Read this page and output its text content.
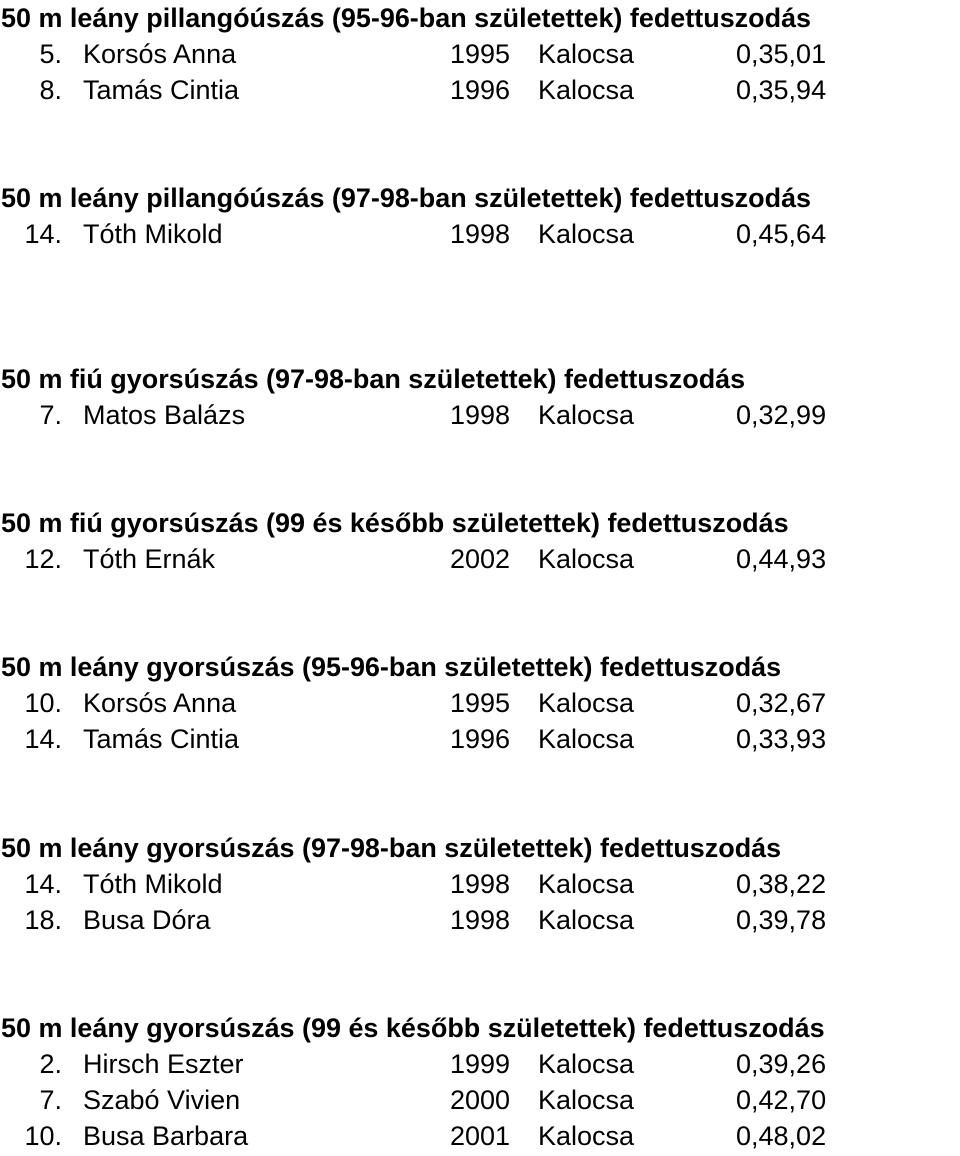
50 m leány pillangóúszás (95-96-ban születettek) fedettuszodás
5. Korsós Anna	1995 Kalocsa	0,35,01
8. Tamás Cintia	1996 Kalocsa	0,35,94
50 m leány pillangóúszás (97-98-ban születettek) fedettuszodás
14. Tóth Mikold	1998 Kalocsa	0,45,64
50 m fiú gyorsúszás (97-98-ban születettek) fedettuszodás
7. Matos Balázs	1998 Kalocsa	0,32,99
50 m fiú gyorsúszás (99 és később születettek) fedettuszodás
12. Tóth Ernák	2002 Kalocsa	0,44,93
50 m leány gyorsúszás (95-96-ban születettek) fedettuszodás
10. Korsós Anna	1995 Kalocsa	0,32,67
14. Tamás Cintia	1996 Kalocsa	0,33,93
50 m leány gyorsúszás (97-98-ban születettek) fedettuszodás
14. Tóth Mikold	1998 Kalocsa	0,38,22
18. Busa Dóra	1998 Kalocsa	0,39,78
50 m leány gyorsúszás (99 és később születettek) fedettuszodás
2. Hirsch Eszter	1999 Kalocsa	0,39,26
7. Szabó Vivien	2000 Kalocsa	0,42,70
10. Busa Barbara	2001 Kalocsa	0,48,02
